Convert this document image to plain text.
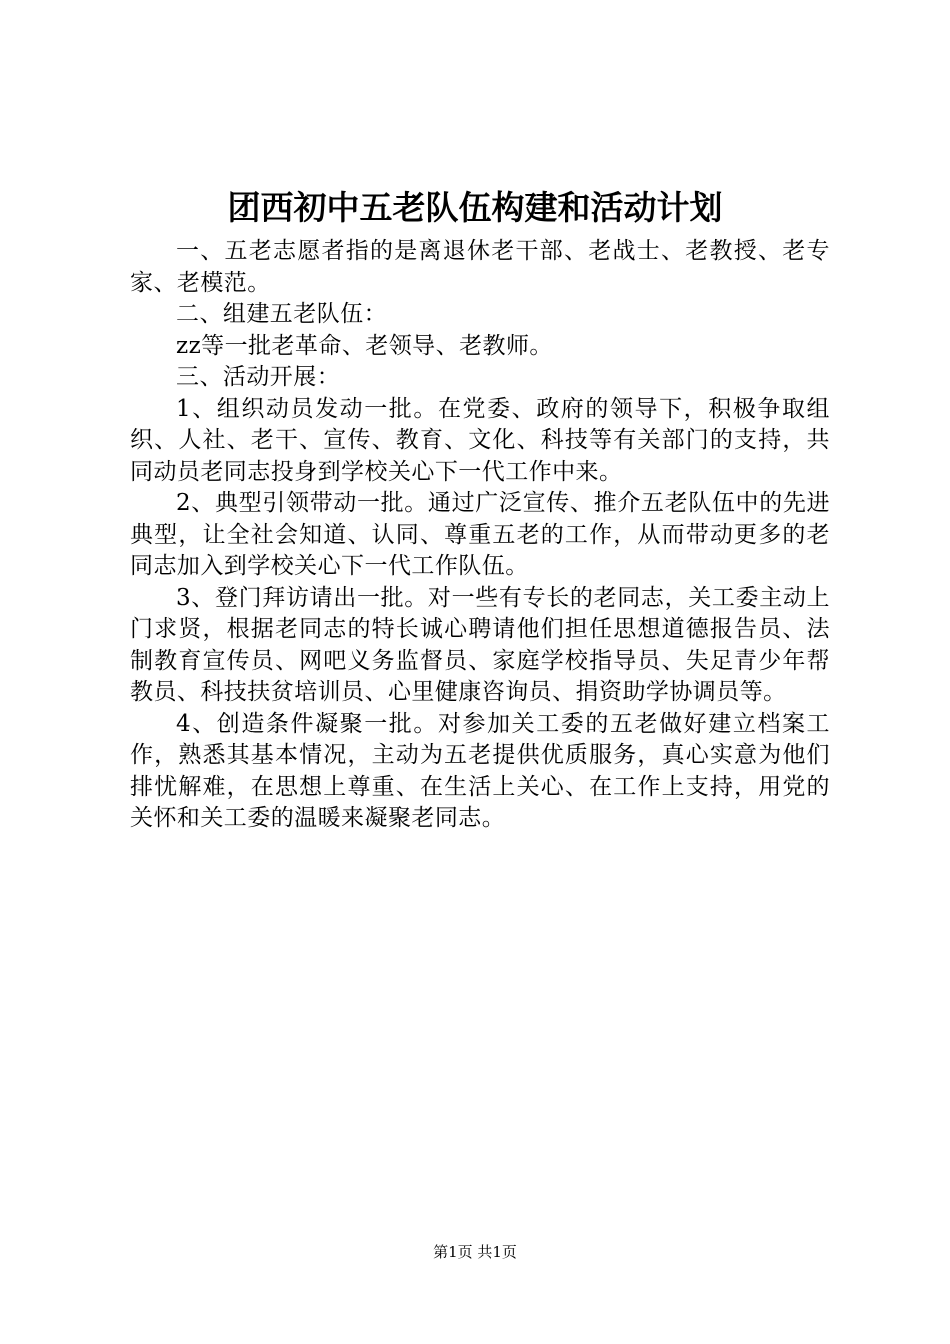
团西初中五老队伍构建和活动计划

一、五老志愿者指的是离退休老干部、老战士、老教授、老专家、老模范。

二、组建五老队伍：

zz等一批老革命、老领导、老教师。

三、活动开展：

1、组织动员发动一批。在党委、政府的领导下，积极争取组织、人社、老干、宣传、教育、文化、科技等有关部门的支持，共同动员老同志投身到学校关心下一代工作中来。

2、典型引领带动一批。通过广泛宣传、推介五老队伍中的先进典型，让全社会知道、认同、尊重五老的工作，从而带动更多的老同志加入到学校关心下一代工作队伍。

3、登门拜访请出一批。对一些有专长的老同志，关工委主动上门求贤，根据老同志的特长诚心聘请他们担任思想道德报告员、法制教育宣传员、网吧义务监督员、家庭学校指导员、失足青少年帮教员、科技扶贫培训员、心里健康咨询员、捐资助学协调员等。

4、创造条件凝聚一批。对参加关工委的五老做好建立档案工作，熟悉其基本情况，主动为五老提供优质服务，真心实意为他们排忧解难，在思想上尊重、在生活上关心、在工作上支持，用党的关怀和关工委的温暖来凝聚老同志。

第1页 共1页
